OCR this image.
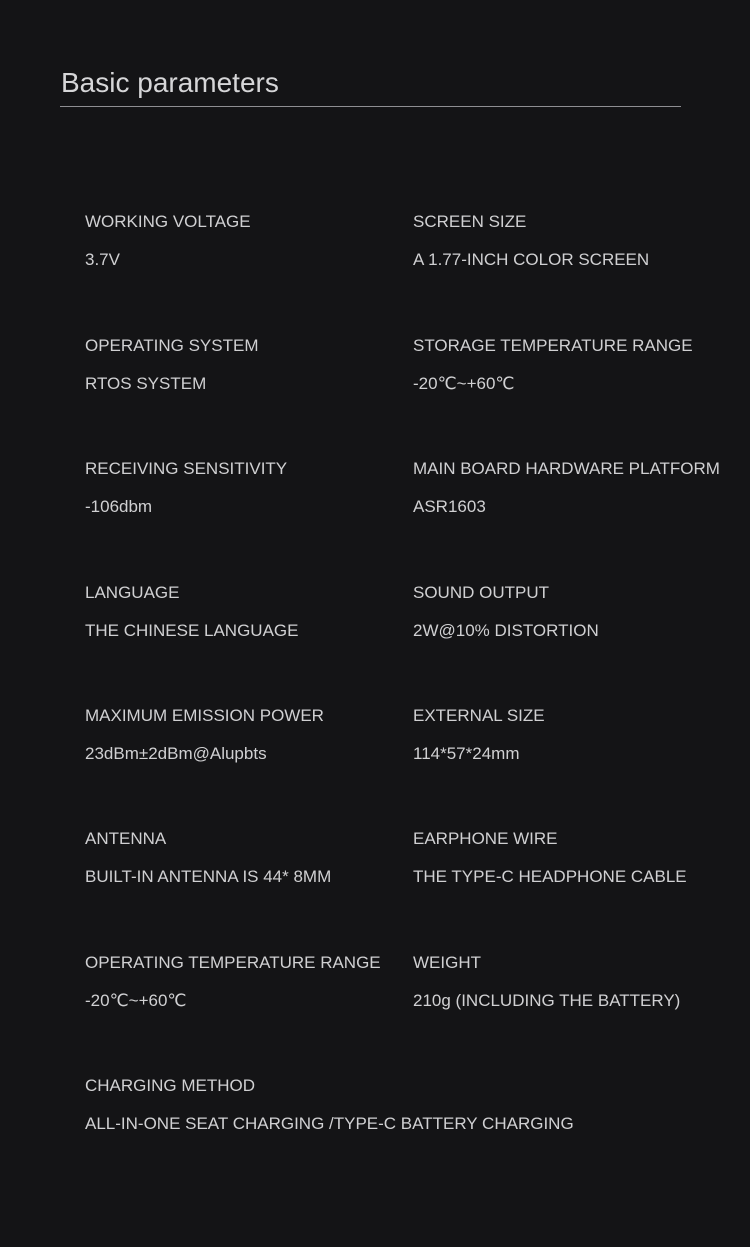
Basic parameters
WORKING VOLTAGE
3.7V
SCREEN SIZE
A 1.77-INCH COLOR SCREEN
OPERATING SYSTEM
RTOS SYSTEM
STORAGE TEMPERATURE RANGE
-20℃~+60℃
RECEIVING SENSITIVITY
-106dbm
MAIN BOARD HARDWARE PLATFORM
ASR1603
LANGUAGE
THE CHINESE LANGUAGE
SOUND OUTPUT
2W@10% DISTORTION
MAXIMUM EMISSION POWER
23dBm±2dBm@Alupbts
EXTERNAL SIZE
114*57*24mm
ANTENNA
BUILT-IN ANTENNA IS 44* 8MM
EARPHONE WIRE
THE TYPE-C HEADPHONE CABLE
OPERATING TEMPERATURE RANGE
-20℃~+60℃
WEIGHT
210g (INCLUDING THE BATTERY)
CHARGING METHOD
ALL-IN-ONE SEAT CHARGING /TYPE-C BATTERY CHARGING
